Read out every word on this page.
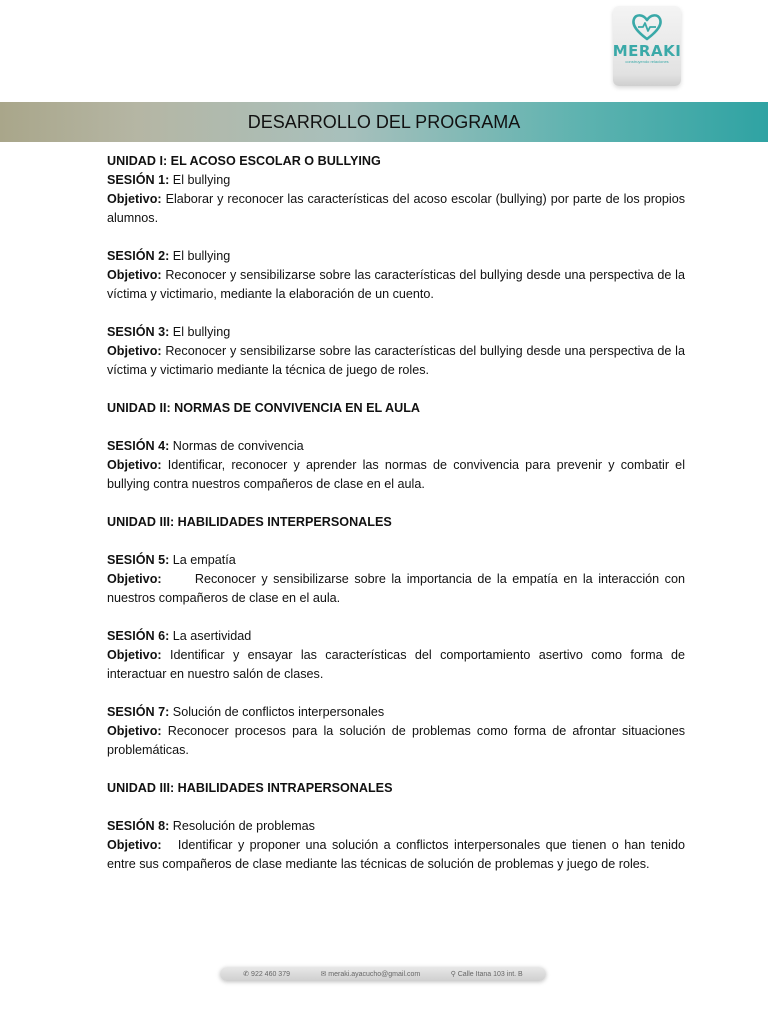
MERAKI
construyendo relaciones
DESARROLLO DEL PROGRAMA

UNIDAD I: EL ACOSO ESCOLAR O BULLYING

SESIÓN 1: El bullying

Objetivo: Elaborar y reconocer las características del acoso escolar (bullying) por parte de los propios alumnos.

SESIÓN 2: El bullying

Objetivo: Reconocer y sensibilizarse sobre las características del bullying desde una perspectiva de la víctima y victimario, mediante la elaboración de un cuento.

SESIÓN 3: El bullying

Objetivo: Reconocer y sensibilizarse sobre las características del bullying desde una perspectiva de la víctima y victimario mediante la técnica de juego de roles.

UNIDAD II: NORMAS DE CONVIVENCIA EN EL AULA

SESIÓN 4: Normas de convivencia

Objetivo: Identificar, reconocer y aprender las normas de convivencia para prevenir y combatir el bullying contra nuestros compañeros de clase en el aula.

UNIDAD III: HABILIDADES INTERPERSONALES

SESIÓN 5: La empatía

Objetivo:      Reconocer y sensibilizarse sobre la importancia de la empatía en la interacción con nuestros compañeros de clase en el aula.

SESIÓN 6: La asertividad

Objetivo: Identificar y ensayar las características del comportamiento asertivo como forma de interactuar en nuestro salón de clases.

SESIÓN 7: Solución de conflictos interpersonales

Objetivo: Reconocer procesos para la solución de problemas como forma de afrontar situaciones problemáticas.

UNIDAD III: HABILIDADES INTRAPERSONALES

SESIÓN 8: Resolución de problemas

Objetivo:   Identificar y proponer una solución a conflictos interpersonales que tienen o han tenido entre sus compañeros de clase mediante las técnicas de solución de problemas y juego de roles.

✆ 922 460 379	✉ meraki.ayacucho@gmail.com	⚲ Calle Itana 103 int. B
